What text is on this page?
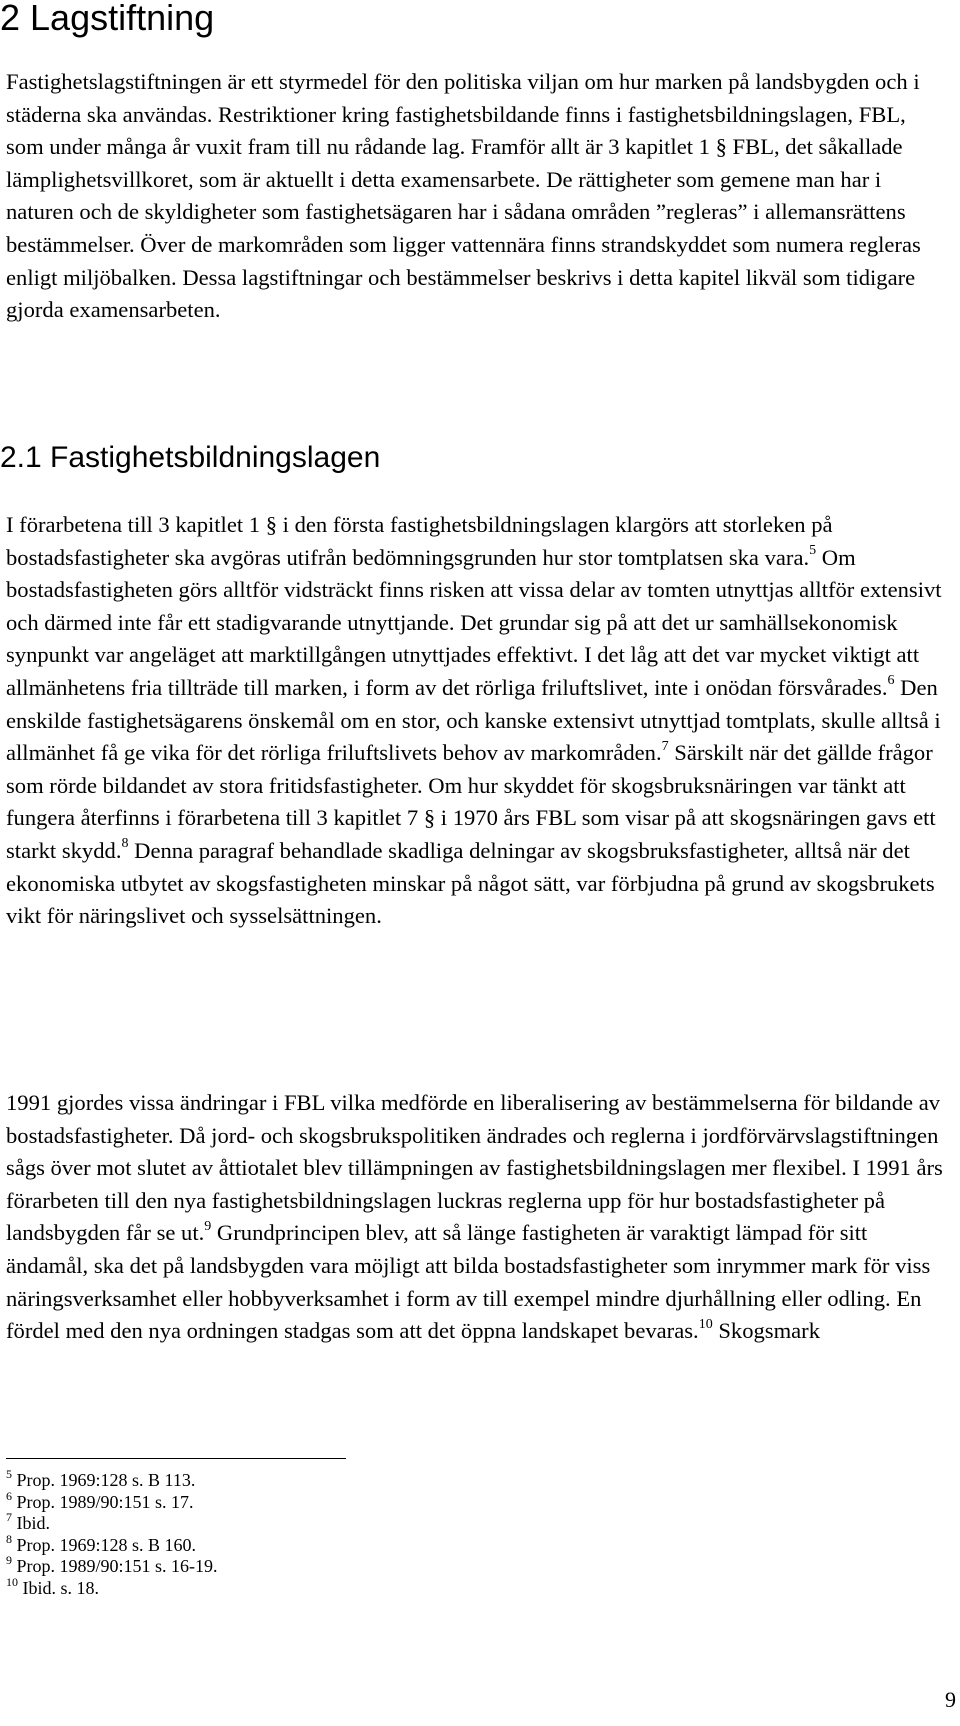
2 Lagstiftning

Fastighetslagstiftningen är ett styrmedel för den politiska viljan om hur marken på landsbygden och i städerna ska användas. Restriktioner kring fastighetsbildande finns i fastighetsbildningslagen, FBL, som under många år vuxit fram till nu rådande lag. Framför allt är 3 kapitlet 1 § FBL, det såkallade lämplighetsvillkoret, som är aktuellt i detta examensarbete. De rättigheter som gemene man har i naturen och de skyldigheter som fastighetsägaren har i sådana områden ”regleras” i allemansrättens bestämmelser. Över de markområden som ligger vattennära finns strandskyddet som numera regleras enligt miljöbalken. Dessa lagstiftningar och bestämmelser beskrivs i detta kapitel likväl som tidigare gjorda examensarbeten.

2.1 Fastighetsbildningslagen

I förarbetena till 3 kapitlet 1 § i den första fastighetsbildningslagen klargörs att storleken på bostadsfastigheter ska avgöras utifrån bedömningsgrunden hur stor tomtplatsen ska vara.$^5$ Om bostadsfastigheten görs alltför vidsträckt finns risken att vissa delar av tomten utnyttjas alltför extensivt och därmed inte får ett stadigvarande utnyttjande. Det grundar sig på att det ur samhällsekonomisk synpunkt var angeläget att marktillgången utnyttjades effektivt. I det låg att det var mycket viktigt att allmänhetens fria tillträde till marken, i form av det rörliga friluftslivet, inte i onödan försvårades.$^6$ Den enskilde fastighetsägarens önskemål om en stor, och kanske extensivt utnyttjad tomtplats, skulle alltså i allmänhet få ge vika för det rörliga friluftslivets behov av markområden.$^7$ Särskilt när det gällde frågor som rörde bildandet av stora fritidsfastigheter. Om hur skyddet för skogsbruksnäringen var tänkt att fungera återfinns i förarbetena till 3 kapitlet 7 § i 1970 års FBL som visar på att skogsnäringen gavs ett starkt skydd.$^8$ Denna paragraf behandlade skadliga delningar av skogsbruksfastigheter, alltså när det ekonomiska utbytet av skogsfastigheten minskar på något sätt, var förbjudna på grund av skogsbrukets vikt för näringslivet och sysselsättningen.

1991 gjordes vissa ändringar i FBL vilka medförde en liberalisering av bestämmelserna för bildande av bostadsfastigheter. Då jord- och skogsbrukspolitiken ändrades och reglerna i jordförvärvslagstiftningen sågs över mot slutet av åttiotalet blev tillämpningen av fastighetsbildningslagen mer flexibel. I 1991 års förarbeten till den nya fastighetsbildningslagen luckras reglerna upp för hur bostadsfastigheter på landsbygden får se ut.$^9$ Grundprincipen blev, att så länge fastigheten är varaktigt lämpad för sitt ändamål, ska det på landsbygden vara möjligt att bilda bostadsfastigheter som inrymmer mark för viss näringsverksamhet eller hobbyverksamhet i form av till exempel mindre djurhållning eller odling. En fördel med den nya ordningen stadgas som att det öppna landskapet bevaras.$^{10}$ Skogsmark

$^5$ Prop. 1969:128 s. B 113.
$^6$ Prop. 1989/90:151 s. 17.
$^7$ Ibid.
$^8$ Prop. 1969:128 s. B 160.
$^9$ Prop. 1989/90:151 s. 16-19.
$^{10}$ Ibid. s. 18.
9
